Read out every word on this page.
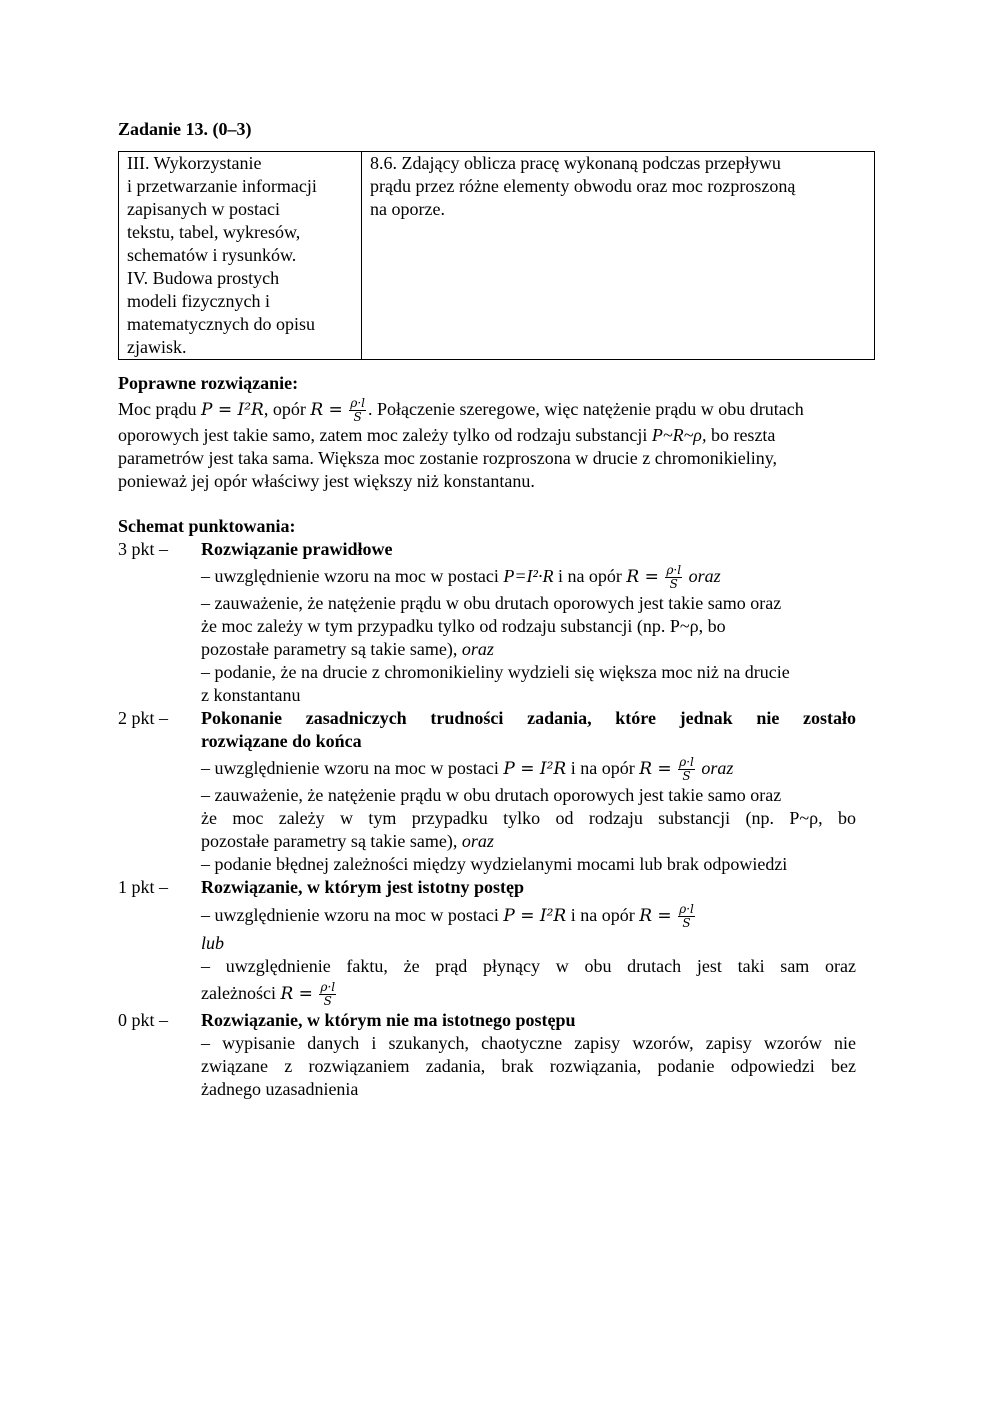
Zadanie 13. (0–3)
III. Wykorzystanie
i przetwarzanie informacji
zapisanych w postaci
tekstu, tabel, wykresów,
schematów i rysunków.
IV. Budowa prostych
modeli fizycznych i
matematycznych do opisu
zjawisk.

8.6. Zdający oblicza pracę wykonaną podczas przepływu
prądu przez różne elementy obwodu oraz moc rozproszoną
na oporze.
Poprawne rozwiązanie:
Moc prądu P = I²R, opór $R = \frac{\rho\cdot l}{S}$ . Połączenie szeregowe, więc natężenie prądu w obu drutach
oporowych jest takie samo, zatem moc zależy tylko od rodzaju substancji P~R~ρ, bo reszta
parametrów jest taka sama. Większa moc zostanie rozproszona w drucie z chromonikieliny,
ponieważ jej opór właściwy jest większy niż konstantanu.
Schemat punktowania:
3 pkt – Rozwiązanie prawidłowe
– uwzględnienie wzoru na moc w postaci P=I²·R i na opór $R = \frac{\rho\cdot l}{S}$ oraz
– zauważenie, że natężenie prądu w obu drutach oporowych jest takie samo oraz
że moc zależy w tym przypadku tylko od rodzaju substancji (np. P~ρ, bo
pozostałe parametry są takie same), oraz
– podanie, że na drucie z chromonikieliny wydzieli się większa moc niż na drucie
z konstantanu
2 pkt – Pokonanie zasadniczych trudności zadania, które jednak nie zostało
rozwiązane do końca
– uwzględnienie wzoru na moc w postaci P = I²R i na opór $R = \frac{\rho\cdot l}{S}$ oraz
– zauważenie, że natężenie prądu w obu drutach oporowych jest takie samo oraz
że moc zależy w tym przypadku tylko od rodzaju substancji (np. P~ρ, bo
pozostałe parametry są takie same), oraz
– podanie błędnej zależności między wydzielanymi mocami lub brak odpowiedzi
1 pkt – Rozwiązanie, w którym jest istotny postęp
– uwzględnienie wzoru na moc w postaci P = I²R i na opór $R = \frac{\rho\cdot l}{S}$
lub
– uwzględnienie faktu, że prąd płynący w obu drutach jest taki sam oraz
zależności $R = \frac{\rho\cdot l}{S}$
0 pkt – Rozwiązanie, w którym nie ma istotnego postępu
– wypisanie danych i szukanych, chaotyczne zapisy wzorów, zapisy wzorów nie
związane z rozwiązaniem zadania, brak rozwiązania, podanie odpowiedzi bez
żadnego uzasadnienia
